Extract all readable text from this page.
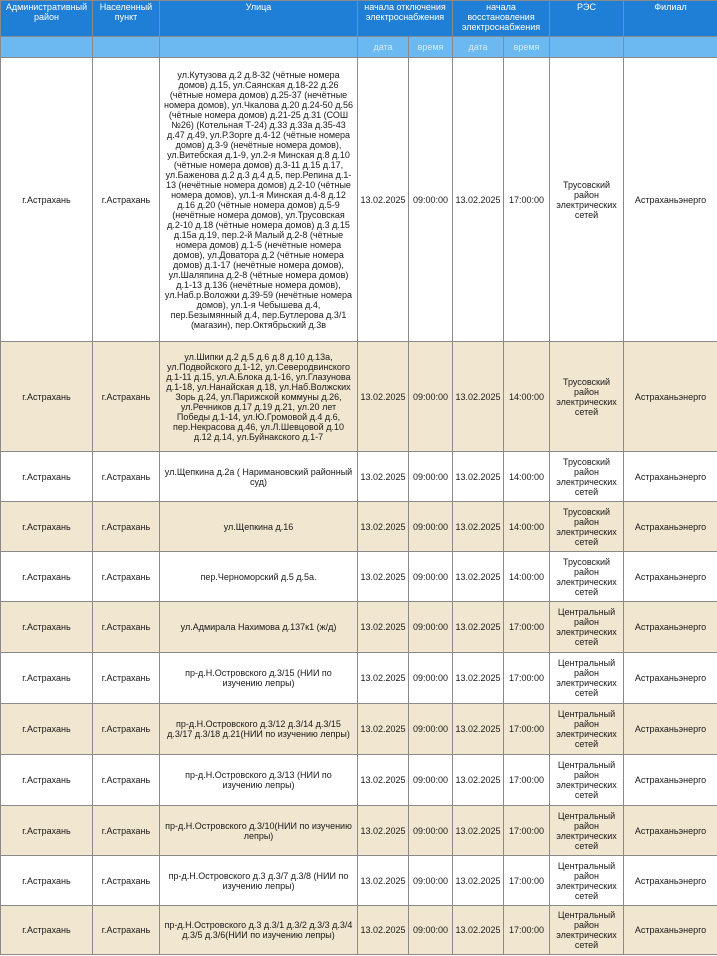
Административный район	Населенный пункт	Улица	начала отключения электроснабжения		начала восстановления электроснабжения		РЭС	Филиал
			дата	время	дата	время		
г.Астрахань	г.Астрахань	ул.Кутузова д.2 д.8-32 (чётные номера домов) д.15, ул.Саянская д.18-22 д.26 (чётные номера домов) д.25-37 (нечётные номера домов), ул.Чкалова д.20 д.24-50 д.56 (чётные номера домов) д.21-25 д.31 (СОШ №26) (Котельная Т-24) д.33 д.33а д.35-43 д.47 д.49, ул.Р.Зорге д.4-12 (чётные номера домов) д.3-9 (нечётные номера домов), ул.Витебская д.1-9, ул.2-я Минская д.8 д.10 (чётные номера домов) д.3-11 д.15 д.17, ул.Баженова д.2 д.3 д.4 д.5, пер.Репина д.1-13 (нечётные номера домов) д.2-10 (чётные номера домов), ул.1-я Минская д.4-8 д.12 д.16 д.20 (чётные номера домов) д.5-9 (нечётные номера домов), ул.Трусовская д.2-10 д.18 (чётные номера домов) д.3 д.15 д.15а д.19, пер.2-й Малый д.2-8 (чётные номера домов) д.1-5 (нечётные номера домов), ул.Доватора д.2 (чётные номера домов) д.1-17 (нечётные номера домов), ул.Шаляпина д.2-8 (чётные номера домов) д.1-13 д.136 (нечётные номера домов), ул.Наб.р.Воложки д.39-59 (нечётные номера домов), ул.1-я Чебышева д.4, пер.Безымянный д.4, пер.Бутлерова д.3/1 (магазин), пер.Октябрьский д.3в	13.02.2025	09:00:00	13.02.2025	17:00:00	Трусовский район электрических сетей	Астраханьэнерго
г.Астрахань	г.Астрахань	ул.Шипки д.2 д.5 д.6 д.8 д.10 д.13а, ул.Подвойского д.1-12, ул.Северодвинского д.1-11 д.15, ул.А.Блока д.1-16, ул.Глазунова д.1-18, ул.Нанайская д.18, ул.Наб.Волжских Зорь д.24, ул.Парижской коммуны д.26, ул.Речников д.17 д.19 д.21, ул.20 лет Победы д.1-14, ул.Ю.Громовой д.4 д.6, пер.Некрасова д.46, ул.Л.Шевцовой д.10 д.12 д.14, ул.Буйнакского д.1-7	13.02.2025	09:00:00	13.02.2025	14:00:00	Трусовский район электрических сетей	Астраханьэнерго
г.Астрахань	г.Астрахань	ул.Щепкина д.2а ( Наримановский районный суд)	13.02.2025	09:00:00	13.02.2025	14:00:00	Трусовский район электрических сетей	Астраханьэнерго
г.Астрахань	г.Астрахань	ул.Щепкина д.16	13.02.2025	09:00:00	13.02.2025	14:00:00	Трусовский район электрических сетей	Астраханьэнерго
г.Астрахань	г.Астрахань	пер.Черноморский д.5 д.5а.	13.02.2025	09:00:00	13.02.2025	14:00:00	Трусовский район электрических сетей	Астраханьэнерго
г.Астрахань	г.Астрахань	ул.Адмирала Нахимова д.137к1 (ж/д)	13.02.2025	09:00:00	13.02.2025	17:00:00	Центральный район электрических сетей	Астраханьэнерго
г.Астрахань	г.Астрахань	пр-д.Н.Островского д.3/15 (НИИ по изучению лепры)	13.02.2025	09:00:00	13.02.2025	17:00:00	Центральный район электрических сетей	Астраханьэнерго
г.Астрахань	г.Астрахань	пр-д.Н.Островского д.3/12 д.3/14 д.3/15 д.3/17 д.3/18 д.21(НИИ по изучению лепры)	13.02.2025	09:00:00	13.02.2025	17:00:00	Центральный район электрических сетей	Астраханьэнерго
г.Астрахань	г.Астрахань	пр-д.Н.Островского д.3/13 (НИИ по изучению лепры)	13.02.2025	09:00:00	13.02.2025	17:00:00	Центральный район электрических сетей	Астраханьэнерго
г.Астрахань	г.Астрахань	пр-д.Н.Островского д.3/10(НИИ по изучению лепры)	13.02.2025	09:00:00	13.02.2025	17:00:00	Центральный район электрических сетей	Астраханьэнерго
г.Астрахань	г.Астрахань	пр-д.Н.Островского д.3 д.3/7 д.3/8 (НИИ по изучению лепры)	13.02.2025	09:00:00	13.02.2025	17:00:00	Центральный район электрических сетей	Астраханьэнерго
г.Астрахань	г.Астрахань	пр-д.Н.Островского д.3 д.3/1 д.3/2 д.3/3 д.3/4 д.3/5 д.3/6(НИИ по изучению лепры)	13.02.2025	09:00:00	13.02.2025	17:00:00	Центральный район электрических сетей	Астраханьэнерго
